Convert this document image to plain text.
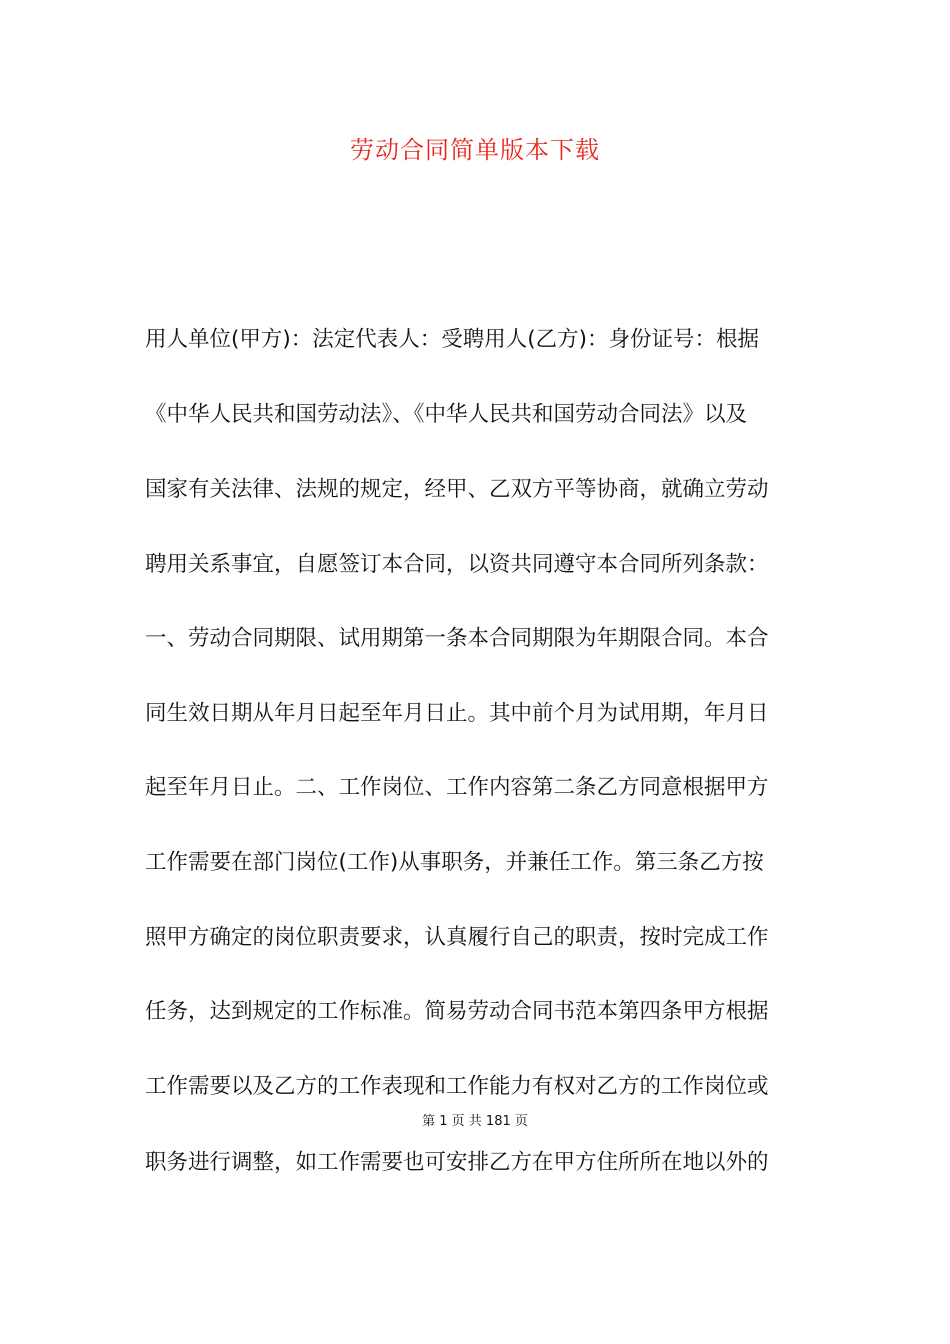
劳动合同简单版本下载
用人单位(甲方)：法定代表人：受聘用人(乙方)：身份证号：根据
《中华人民共和国劳动法》、《中华人民共和国劳动合同法》以及
国家有关法律、法规的规定，经甲、乙双方平等协商，就确立劳动
聘用关系事宜，自愿签订本合同，以资共同遵守本合同所列条款：
一、劳动合同期限、试用期第一条本合同期限为年期限合同。本合
同生效日期从年月日起至年月日止。其中前个月为试用期，年月日
起至年月日止。二、工作岗位、工作内容第二条乙方同意根据甲方
工作需要在部门岗位(工作)从事职务，并兼任工作。第三条乙方按
照甲方确定的岗位职责要求，认真履行自己的职责，按时完成工作
任务，达到规定的工作标准。简易劳动合同书范本第四条甲方根据
工作需要以及乙方的工作表现和工作能力有权对乙方的工作岗位或
第 1 页 共 181 页
职务进行调整，如工作需要也可安排乙方在甲方住所所在地以外的
